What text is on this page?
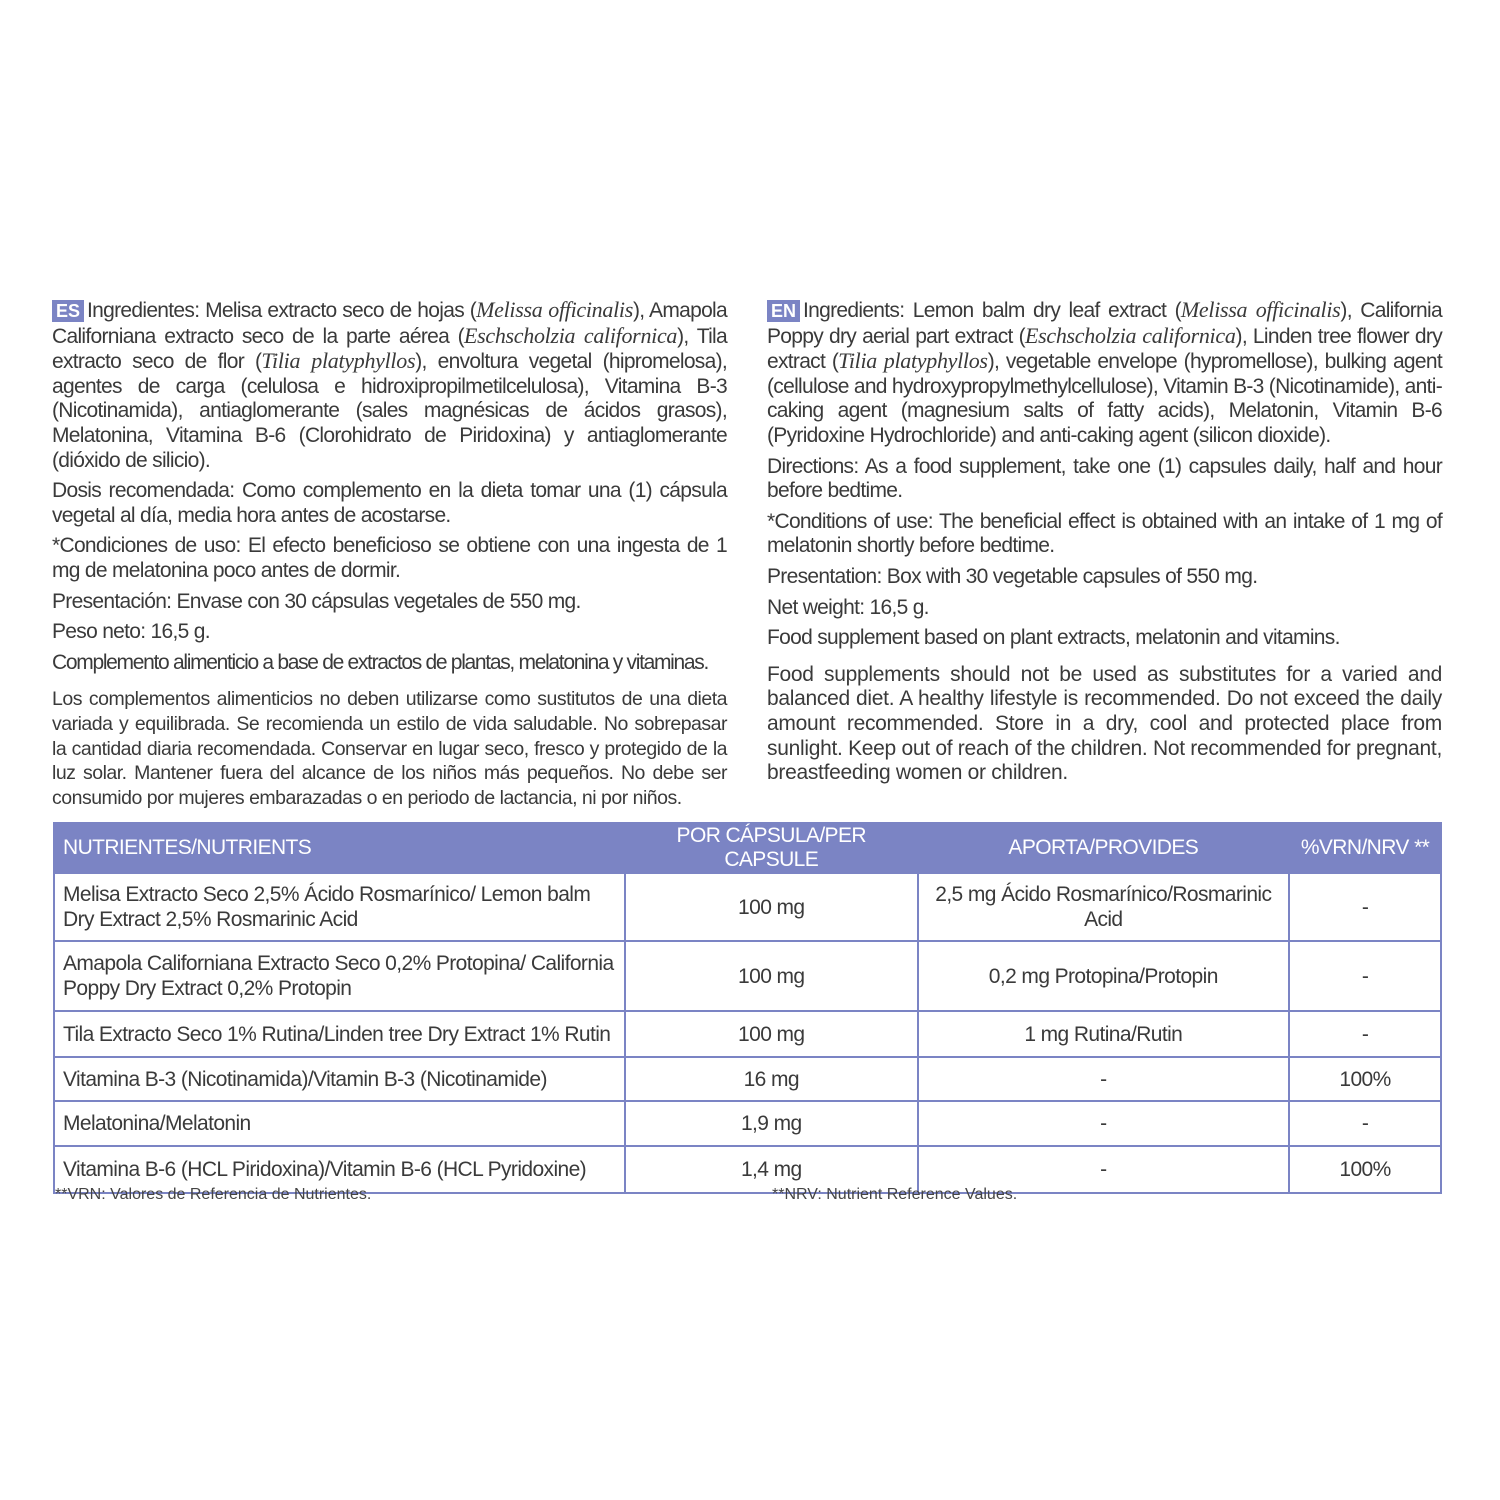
ES Ingredientes: Melisa extracto seco de hojas (Melissa officinalis), Amapola Californiana extracto seco de la parte aérea (Eschscholzia californica), Tila extracto seco de flor (Tilia platyphyllos), envoltura vegetal (hipromelosa), agentes de carga (celulosa e hidroxipropilmetilcelulosa), Vitamina B-3 (Nicotinamida), antiaglomerante (sales magnésicas de ácidos grasos), Melatonina, Vitamina B-6 (Clorohidrato de Piridoxina) y antiaglomerante (dióxido de silicio).

Dosis recomendada: Como complemento en la dieta tomar una (1) cápsula vegetal al día, media hora antes de acostarse.

*Condiciones de uso: El efecto beneficioso se obtiene con una ingesta de 1 mg de melatonina poco antes de dormir.

Presentación: Envase con 30 cápsulas vegetales de 550 mg.

Peso neto: 16,5 g.

Complemento alimenticio a base de extractos de plantas, melatonina y vitaminas.

Los complementos alimenticios no deben utilizarse como sustitutos de una dieta variada y equilibrada. Se recomienda un estilo de vida saludable. No sobrepasar la cantidad diaria recomendada. Conservar en lugar seco, fresco y protegido de la luz solar. Mantener fuera del alcance de los niños más pequeños. No debe ser consumido por mujeres embarazadas o en periodo de lactancia, ni por niños.

EN Ingredients: Lemon balm dry leaf extract (Melissa officinalis), California Poppy dry aerial part extract (Eschscholzia californica), Linden tree flower dry extract (Tilia platyphyllos), vegetable envelope (hypromellose), bulking agent (cellulose and hydroxypropylmethylcellulose), Vitamin B-3 (Nicotinamide), anti-caking agent (magnesium salts of fatty acids), Melatonin, Vitamin B-6 (Pyridoxine Hydrochloride) and anti-caking agent (silicon dioxide).

Directions: As a food supplement, take one (1) capsules daily, half and hour before bedtime.

*Conditions of use: The beneficial effect is obtained with an intake of 1 mg of melatonin shortly before bedtime.

Presentation: Box with 30 vegetable capsules of 550 mg.

Net weight: 16,5 g.

Food supplement based on plant extracts, melatonin and vitamins.

Food supplements should not be used as substitutes for a varied and balanced diet. A healthy lifestyle is recommended. Do not exceed the daily amount recommended. Store in a dry, cool and protected place from sunlight. Keep out of reach of the children. Not recommended for pregnant, breastfeeding women or children.

NUTRIENTES/NUTRIENTS	POR CÁPSULA/PER CAPSULE	APORTA/PROVIDES	%VRN/NRV **
Melisa Extracto Seco 2,5% Ácido Rosmarínico/ Lemon balm Dry Extract 2,5% Rosmarinic Acid	100 mg	2,5 mg Ácido Rosmarínico/Rosmarinic Acid	-
Amapola Californiana Extracto Seco 0,2% Protopina/ California Poppy Dry Extract 0,2% Protopin	100 mg	0,2 mg Protopina/Protopin	-
Tila Extracto Seco 1% Rutina/Linden tree Dry Extract 1% Rutin	100 mg	1 mg Rutina/Rutin	-
Vitamina B-3 (Nicotinamida)/Vitamin B-3 (Nicotinamide)	16 mg	-	100%
Melatonina/Melatonin	1,9 mg	-	-
Vitamina B-6 (HCL Piridoxina)/Vitamin B-6 (HCL Pyridoxine)	1,4 mg	-	100%
**VRN: Valores de Referencia de Nutrientes.	**NRV: Nutrient Reference Values.
